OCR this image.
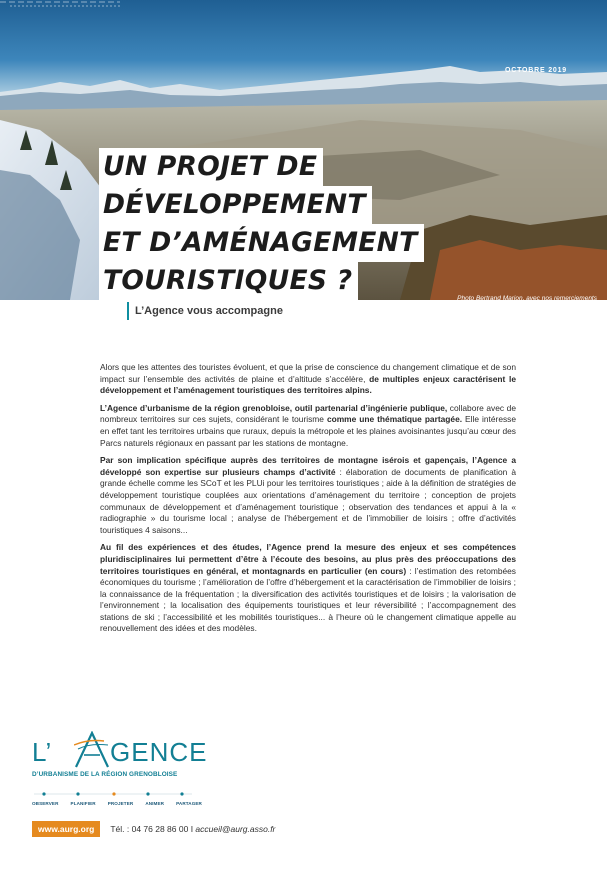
OCTOBRE 2019
Photo Bertrand Marion, avec nos remerciements
UN PROJET DE
DÉVELOPPEMENT
ET D’AMÉNAGEMENT
TOURISTIQUES ?
L’Agence vous accompagne

Alors que les attentes des touristes évoluent, et que la prise de conscience du changement climatique et de son impact sur l’ensemble des activités de plaine et d’altitude s’accélère, de multiples enjeux caractérisent le développement et l’aménagement touristiques des territoires alpins.

L’Agence d’urbanisme de la région grenobloise, outil partenarial d’ingénierie publique, collabore avec de nombreux territoires sur ces sujets, considérant le tourisme comme une thématique partagée. Elle intéresse en effet tant les territoires urbains que ruraux, depuis la métropole et les plaines avoisinantes jusqu’au cœur des Parcs naturels régionaux en passant par les stations de montagne.

Par son implication spécifique auprès des territoires de montagne isérois et gapençais, l’Agence a développé son expertise sur plusieurs champs d’activité : élaboration de documents de planification à grande échelle comme les SCoT et les PLUi pour les territoires touristiques ; aide à la définition de stratégies de développement touristique couplées aux orientations d’aménagement du territoire ; conception de projets communaux de développement et d’aménagement touristique ; observation des tendances et appui à la « radiographie » du tourisme local ; analyse de l’hébergement et de l’immobilier de loisirs ; offre d’activités touristiques 4 saisons...

Au fil des expériences et des études, l’Agence prend la mesure des enjeux et ses compétences pluridisciplinaires lui permettent d’être à l’écoute des besoins, au plus près des préoccupations des territoires touristiques en général, et montagnards en particulier (en cours) : l’estimation des retombées économiques du tourisme ; l’amélioration de l’offre d’hébergement et la caractérisation de l’immobilier de loisirs ; la connaissance de la fréquentation ; la diversification des activités touristiques et de loisirs ; la valorisation de l’environnement ; la localisation des équipements touristiques et leur réversibilité ; l’accompagnement des stations de ski ; l’accessibilité et les mobilités touristiques... à l’heure où le changement climatique appelle au renouvellement des idées et des modèles.

L’ GENCE
D’URBANISME DE LA RÉGION GRENOBLOISE
OBSERVER	PLANIFIER	PROJETER	ANIMER	PARTAGER
www.aurg.org	Tél. : 04 76 28 86 00 I accueil@aurg.asso.fr
